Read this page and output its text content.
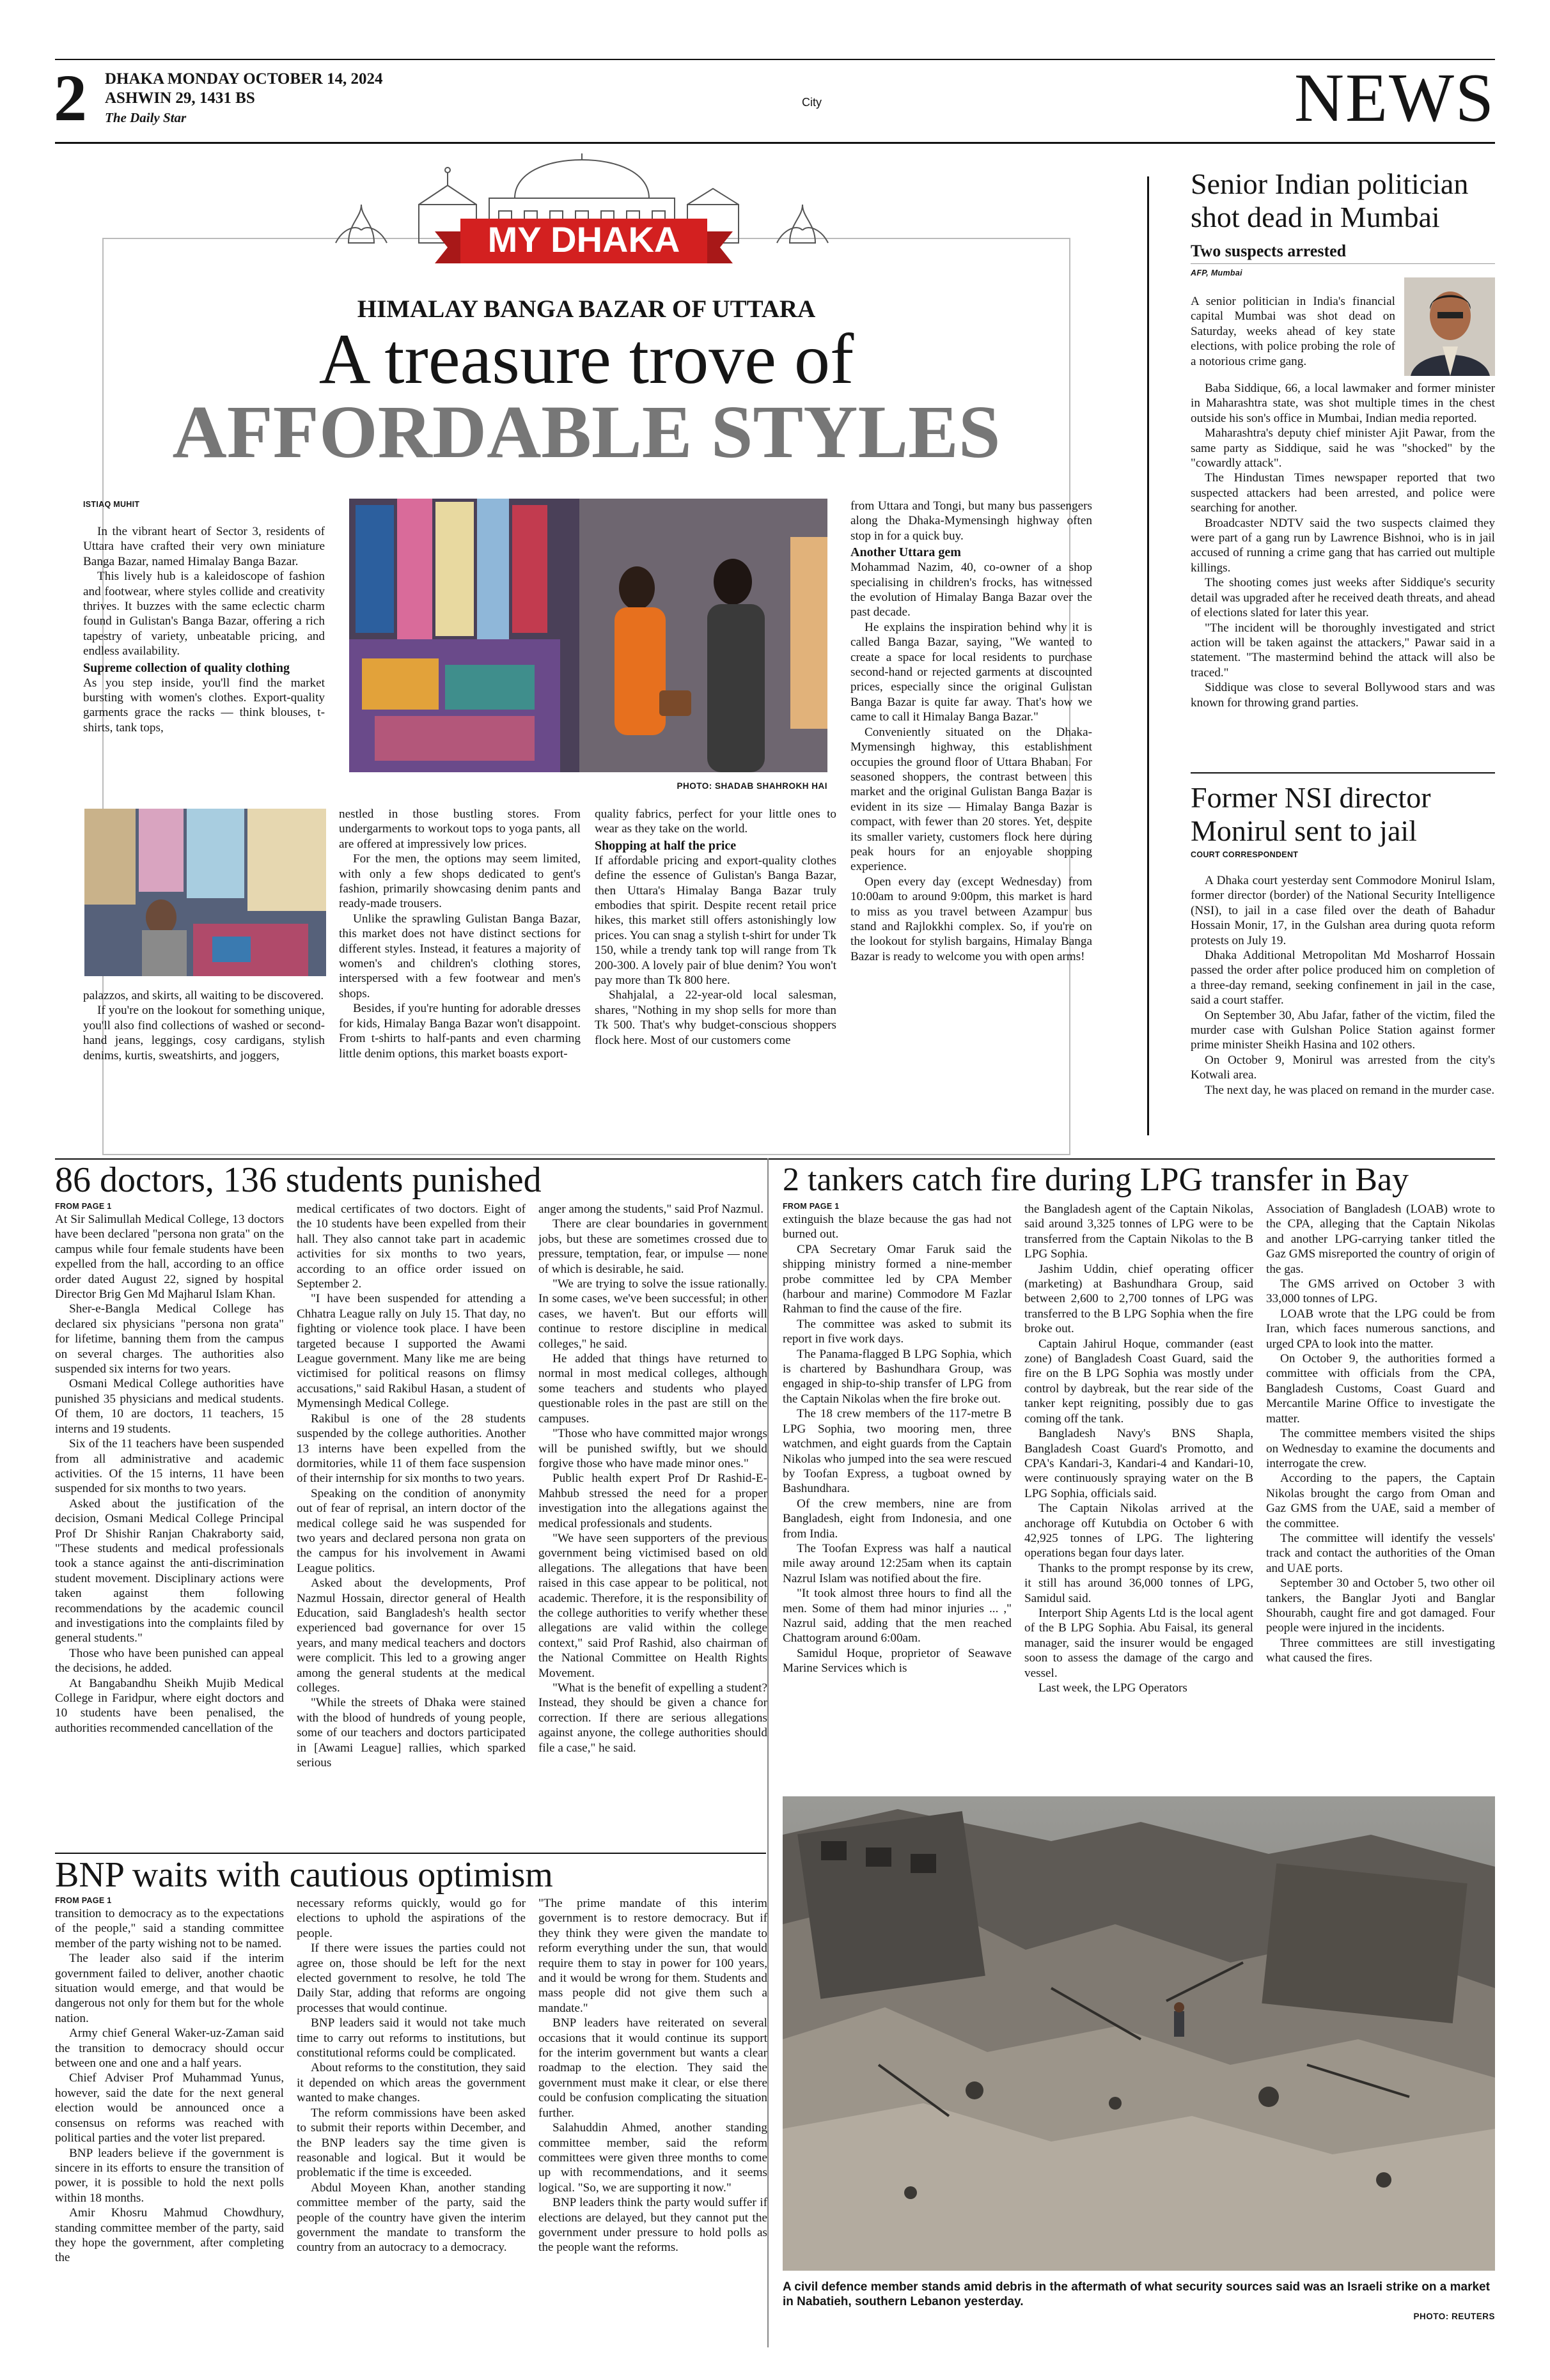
2 DHAKA MONDAY OCTOBER 14, 2024
ASHWIN 29, 1431 BS
The Daily Star
City	NEWS
MY DHAKA
HIMALAY BANGA BAZAR OF UTTARA
A treasure trove of
AFFORDABLE STYLES
ISTIAQ MUHIT

In the vibrant heart of Sector 3, residents of Uttara have crafted their very own miniature Banga Bazar, named Himalay Banga Bazar.

This lively hub is a kaleidoscope of fashion and footwear, where styles collide and creativity thrives. It buzzes with the same eclectic charm found in Gulistan's Banga Bazar, offering a rich tapestry of variety, unbeatable pricing, and endless availability.

Supreme collection of quality clothing

As you step inside, you'll find the market bursting with women's clothes. Export-quality garments grace the racks — think blouses, t-shirts, tank tops,

PHOTO: SHADAB SHAHROKH HAI

from Uttara and Tongi, but many bus passengers along the Dhaka-Mymensingh highway often stop in for a quick buy.

Another Uttara gem

Mohammad Nazim, 40, co-owner of a shop specialising in children's frocks, has witnessed the evolution of Himalay Banga Bazar over the past decade.

He explains the inspiration behind why it is called Banga Bazar, saying, "We wanted to create a space for local residents to purchase second-hand or rejected garments at discounted prices, especially since the original Gulistan Banga Bazar is quite far away. That's how we came to call it Himalay Banga Bazar."

Conveniently situated on the Dhaka-Mymensingh highway, this establishment occupies the ground floor of Uttara Bhaban. For seasoned shoppers, the contrast between this market and the original Gulistan Banga Bazar is evident in its size — Himalay Banga Bazar is compact, with fewer than 20 stores. Yet, despite its smaller variety, customers flock here during peak hours for an enjoyable shopping experience.

Open every day (except Wednesday) from 10:00am to around 9:00pm, this market is hard to miss as you travel between Azampur bus stand and Rajlokkhi complex. So, if you're on the lookout for stylish bargains, Himalay Banga Bazar is ready to welcome you with open arms!

palazzos, and skirts, all waiting to be discovered.

If you're on the lookout for something unique, you'll also find collections of washed or second-hand jeans, leggings, cosy cardigans, stylish denims, kurtis, sweatshirts, and joggers,

nestled in those bustling stores. From undergarments to workout tops to yoga pants, all are offered at impressively low prices.

For the men, the options may seem limited, with only a few shops dedicated to gent's fashion, primarily showcasing denim pants and ready-made trousers.

Unlike the sprawling Gulistan Banga Bazar, this market does not have distinct sections for different styles. Instead, it features a majority of women's and children's clothing stores, interspersed with a few footwear and men's shops.

Besides, if you're hunting for adorable dresses for kids, Himalay Banga Bazar won't disappoint. From t-shirts to half-pants and even charming little denim options, this market boasts export-

quality fabrics, perfect for your little ones to wear as they take on the world.

Shopping at half the price

If affordable pricing and export-quality clothes define the essence of Gulistan's Banga Bazar, then Uttara's Himalay Banga Bazar truly embodies that spirit. Despite recent retail price hikes, this market still offers astonishingly low prices. You can snag a stylish t-shirt for under Tk 150, while a trendy tank top will range from Tk 200-300. A lovely pair of blue denim? You won't pay more than Tk 800 here.

Shahjalal, a 22-year-old local salesman, shares, "Nothing in my shop sells for more than Tk 500. That's why budget-conscious shoppers flock here. Most of our customers come

Senior Indian politician shot dead in Mumbai
Two suspects arrested
AFP, Mumbai

A senior politician in India's financial capital Mumbai was shot dead on Saturday, weeks ahead of key state elections, with police probing the role of a notorious crime gang.

Baba Siddique, 66, a local lawmaker and former minister in Maharashtra state, was shot multiple times in the chest outside his son's office in Mumbai, Indian media reported.

Maharashtra's deputy chief minister Ajit Pawar, from the same party as Siddique, said he was "shocked" by the "cowardly attack".

The Hindustan Times newspaper reported that two suspected attackers had been arrested, and police were searching for another.

Broadcaster NDTV said the two suspects claimed they were part of a gang run by Lawrence Bishnoi, who is in jail accused of running a crime gang that has carried out multiple killings.

The shooting comes just weeks after Siddique's security detail was upgraded after he received death threats, and ahead of elections slated for later this year.

"The incident will be thoroughly investigated and strict action will be taken against the attackers," Pawar said in a statement. "The mastermind behind the attack will also be traced."

Siddique was close to several Bollywood stars and was known for throwing grand parties.

Former NSI director Monirul sent to jail
COURT CORRESPONDENT

A Dhaka court yesterday sent Commodore Monirul Islam, former director (border) of the National Security Intelligence (NSI), to jail in a case filed over the death of Bahadur Hossain Monir, 17, in the Gulshan area during quota reform protests on July 19.

Dhaka Additional Metropolitan Md Mosharrof Hossain passed the order after police produced him on completion of a three-day remand, seeking confinement in jail in the case, said a court staffer.

On September 30, Abu Jafar, father of the victim, filed the murder case with Gulshan Police Station against former prime minister Sheikh Hasina and 102 others.

On October 9, Monirul was arrested from the city's Kotwali area.

The next day, he was placed on remand in the murder case.

86 doctors, 136 students punished
FROM PAGE 1

At Sir Salimullah Medical College, 13 doctors have been declared "persona non grata" on the campus while four female students have been expelled from the hall, according to an office order dated August 22, signed by hospital Director Brig Gen Md Majharul Islam Khan.

Sher-e-Bangla Medical College has declared six physicians "persona non grata" for lifetime, banning them from the campus on several charges. The authorities also suspended six interns for two years.

Osmani Medical College authorities have punished 35 physicians and medical students. Of them, 10 are doctors, 11 teachers, 15 interns and 19 students.

Six of the 11 teachers have been suspended from all administrative and academic activities. Of the 15 interns, 11 have been suspended for six months to two years.

Asked about the justification of the decision, Osmani Medical College Principal Prof Dr Shishir Ranjan Chakraborty said, "These students and medical professionals took a stance against the anti-discrimination student movement. Disciplinary actions were taken against them following recommendations by the academic council and investigations into the complaints filed by general students."

Those who have been punished can appeal the decisions, he added.

At Bangabandhu Sheikh Mujib Medical College in Faridpur, where eight doctors and 10 students have been penalised, the authorities recommended cancellation of the

medical certificates of two doctors. Eight of the 10 students have been expelled from their hall. They also cannot take part in academic activities for six months to two years, according to an office order issued on September 2.

"I have been suspended for attending a Chhatra League rally on July 15. That day, no fighting or violence took place. I have been targeted because I supported the Awami League government. Many like me are being victimised for political reasons on flimsy accusations," said Rakibul Hasan, a student of Mymensingh Medical College.

Rakibul is one of the 28 students suspended by the college authorities. Another 13 interns have been expelled from the dormitories, while 11 of them face suspension of their internship for six months to two years.

Speaking on the condition of anonymity out of fear of reprisal, an intern doctor of the medical college said he was suspended for two years and declared persona non grata on the campus for his involvement in Awami League politics.

Asked about the developments, Prof Nazmul Hossain, director general of Health Education, said Bangladesh's health sector experienced bad governance for over 15 years, and many medical teachers and doctors were complicit. This led to a growing anger among the general students at the medical colleges.

"While the streets of Dhaka were stained with the blood of hundreds of young people, some of our teachers and doctors participated in [Awami League] rallies, which sparked serious

anger among the students," said Prof Nazmul.

There are clear boundaries in government jobs, but these are sometimes crossed due to pressure, temptation, fear, or impulse — none of which is desirable, he said.

"We are trying to solve the issue rationally. In some cases, we've been successful; in other cases, we haven't. But our efforts will continue to restore discipline in medical colleges," he said.

He added that things have returned to normal in most medical colleges, although some teachers and students who played questionable roles in the past are still on the campuses.

"Those who have committed major wrongs will be punished swiftly, but we should forgive those who have made minor ones."

Public health expert Prof Dr Rashid-E-Mahbub stressed the need for a proper investigation into the allegations against the medical professionals and students.

"We have seen supporters of the previous government being victimised based on old allegations. The allegations that have been raised in this case appear to be political, not academic. Therefore, it is the responsibility of the college authorities to verify whether these allegations are valid within the college context," said Prof Rashid, also chairman of the National Committee on Health Rights Movement.

"What is the benefit of expelling a student? Instead, they should be given a chance for correction. If there are serious allegations against anyone, the college authorities should file a case," he said.

BNP waits with cautious optimism
FROM PAGE 1

transition to democracy as to the expectations of the people," said a standing committee member of the party wishing not to be named.

The leader also said if the interim government failed to deliver, another chaotic situation would emerge, and that would be dangerous not only for them but for the whole nation.

Army chief General Waker-uz-Zaman said the transition to democracy should occur between one and one and a half years.

Chief Adviser Prof Muhammad Yunus, however, said the date for the next general election would be announced once a consensus on reforms was reached with political parties and the voter list prepared.

BNP leaders believe if the government is sincere in its efforts to ensure the transition of power, it is possible to hold the next polls within 18 months.

Amir Khosru Mahmud Chowdhury, standing committee member of the party, said they hope the government, after completing the

necessary reforms quickly, would go for elections to uphold the aspirations of the people.

If there were issues the parties could not agree on, those should be left for the next elected government to resolve, he told The Daily Star, adding that reforms are ongoing processes that would continue.

BNP leaders said it would not take much time to carry out reforms to institutions, but constitutional reforms could be complicated.

About reforms to the constitution, they said it depended on which areas the government wanted to make changes.

The reform commissions have been asked to submit their reports within December, and the BNP leaders say the time given is reasonable and logical. But it would be problematic if the time is exceeded.

Abdul Moyeen Khan, another standing committee member of the party, said the people of the country have given the interim government the mandate to transform the country from an autocracy to a democracy.

"The prime mandate of this interim government is to restore democracy. But if they think they were given the mandate to reform everything under the sun, that would require them to stay in power for 100 years, and it would be wrong for them. Students and mass people did not give them such a mandate."

BNP leaders have reiterated on several occasions that it would continue its support for the interim government but wants a clear roadmap to the election. They said the government must make it clear, or else there could be confusion complicating the situation further.

Salahuddin Ahmed, another standing committee member, said the reform committees were given three months to come up with recommendations, and it seems logical. "So, we are supporting it now."

BNP leaders think the party would suffer if elections are delayed, but they cannot put the government under pressure to hold polls as the people want the reforms.

2 tankers catch fire during LPG transfer in Bay
FROM PAGE 1

extinguish the blaze because the gas had not burned out.

CPA Secretary Omar Faruk said the shipping ministry formed a nine-member probe committee led by CPA Member (harbour and marine) Commodore M Fazlar Rahman to find the cause of the fire.

The committee was asked to submit its report in five work days.

The Panama-flagged B LPG Sophia, which is chartered by Bashundhara Group, was engaged in ship-to-ship transfer of LPG from the Captain Nikolas when the fire broke out.

The 18 crew members of the 117-metre B LPG Sophia, two mooring men, three watchmen, and eight guards from the Captain Nikolas who jumped into the sea were rescued by Toofan Express, a tugboat owned by Bashundhara.

Of the crew members, nine are from Bangladesh, eight from Indonesia, and one from India.

The Toofan Express was half a nautical mile away around 12:25am when its captain Nazrul Islam was notified about the fire.

"It took almost three hours to find all the men. Some of them had minor injuries ... ," Nazrul said, adding that the men reached Chattogram around 6:00am.

Samidul Hoque, proprietor of Seawave Marine Services which is

the Bangladesh agent of the Captain Nikolas, said around 3,325 tonnes of LPG were to be transferred from the Captain Nikolas to the B LPG Sophia.

Jashim Uddin, chief operating officer (marketing) at Bashundhara Group, said between 2,600 to 2,700 tonnes of LPG was transferred to the B LPG Sophia when the fire broke out.

Captain Jahirul Hoque, commander (east zone) of Bangladesh Coast Guard, said the fire on the B LPG Sophia was mostly under control by daybreak, but the rear side of the tanker kept reigniting, possibly due to gas coming off the tank.

Bangladesh Navy's BNS Shapla, Bangladesh Coast Guard's Promotto, and CPA's Kandari-3, Kandari-4 and Kandari-10, were continuously spraying water on the B LPG Sophia, officials said.

The Captain Nikolas arrived at the anchorage off Kutubdia on October 6 with 42,925 tonnes of LPG. The lightering operations began four days later.

Thanks to the prompt response by its crew, it still has around 36,000 tonnes of LPG, Samidul said.

Interport Ship Agents Ltd is the local agent of the B LPG Sophia. Abu Faisal, its general manager, said the insurer would be engaged soon to assess the damage of the cargo and vessel.

Last week, the LPG Operators

Association of Bangladesh (LOAB) wrote to the CPA, alleging that the Captain Nikolas and another LPG-carrying tanker titled the Gaz GMS misreported the country of origin of the gas.

The GMS arrived on October 3 with 33,000 tonnes of LPG.

LOAB wrote that the LPG could be from Iran, which faces numerous sanctions, and urged CPA to look into the matter.

On October 9, the authorities formed a committee with officials from the CPA, Bangladesh Customs, Coast Guard and Mercantile Marine Office to investigate the matter.

The committee members visited the ships on Wednesday to examine the documents and interrogate the crew.

According to the papers, the Captain Nikolas brought the cargo from Oman and Gaz GMS from the UAE, said a member of the committee.

The committee will identify the vessels' track and contact the authorities of the Oman and UAE ports.

September 30 and October 5, two other oil tankers, the Banglar Jyoti and Banglar Shourabh, caught fire and got damaged. Four people were injured in the incidents.

Three committees are still investigating what caused the fires.

A civil defence member stands amid debris in the aftermath of what security sources said was an Israeli strike on a market in Nabatieh, southern Lebanon yesterday.
PHOTO: REUTERS
